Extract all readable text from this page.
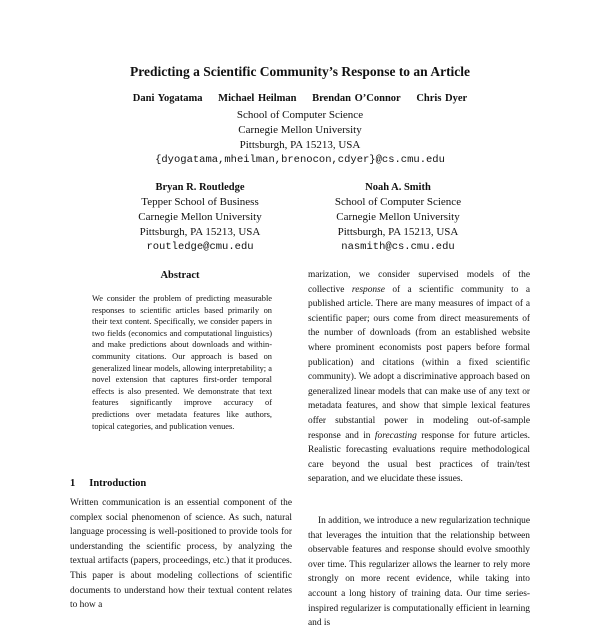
Predicting a Scientific Community’s Response to an Article
Dani Yogatama Michael Heilman Brendan O’Connor Chris Dyer
School of Computer Science
Carnegie Mellon University
Pittsburgh, PA 15213, USA
{dyogatama,mheilman,brenocon,cdyer}@cs.cmu.edu
Bryan R. Routledge
Tepper School of Business
Carnegie Mellon University
Pittsburgh, PA 15213, USA
routledge@cmu.edu
Noah A. Smith
School of Computer Science
Carnegie Mellon University
Pittsburgh, PA 15213, USA
nasmith@cs.cmu.edu
Abstract

We consider the problem of predicting measurable responses to scientific articles based primarily on their text content. Specifically, we consider papers in two fields (economics and computational linguistics) and make predictions about downloads and within-community citations. Our approach is based on generalized linear models, allowing interpretability; a novel extension that captures first-order temporal effects is also presented. We demonstrate that text features significantly improve accuracy of predictions over metadata features like authors, topical categories, and publication venues.

1 Introduction

Written communication is an essential component of the complex social phenomenon of science. As such, natural language processing is well-positioned to provide tools for understanding the scientific process, by analyzing the textual artifacts (papers, proceedings, etc.) that it produces. This paper is about modeling collections of scientific documents to understand how their textual content relates to how a

marization, we consider supervised models of the collective response of a scientific community to a published article. There are many measures of impact of a scientific paper; ours come from direct measurements of the number of downloads (from an established website where prominent economists post papers before formal publication) and citations (within a fixed scientific community). We adopt a discriminative approach based on generalized linear models that can make use of any text or metadata features, and show that simple lexical features offer substantial power in modeling out-of-sample response and in forecasting response for future articles. Realistic forecasting evaluations require methodological care beyond the usual best practices of train/test separation, and we elucidate these issues.

In addition, we introduce a new regularization technique that leverages the intuition that the relationship between observable features and response should evolve smoothly over time. This regularizer allows the learner to rely more strongly on more recent evidence, while taking into account a long history of training data. Our time series-inspired regularizer is computationally efficient in learning and is
